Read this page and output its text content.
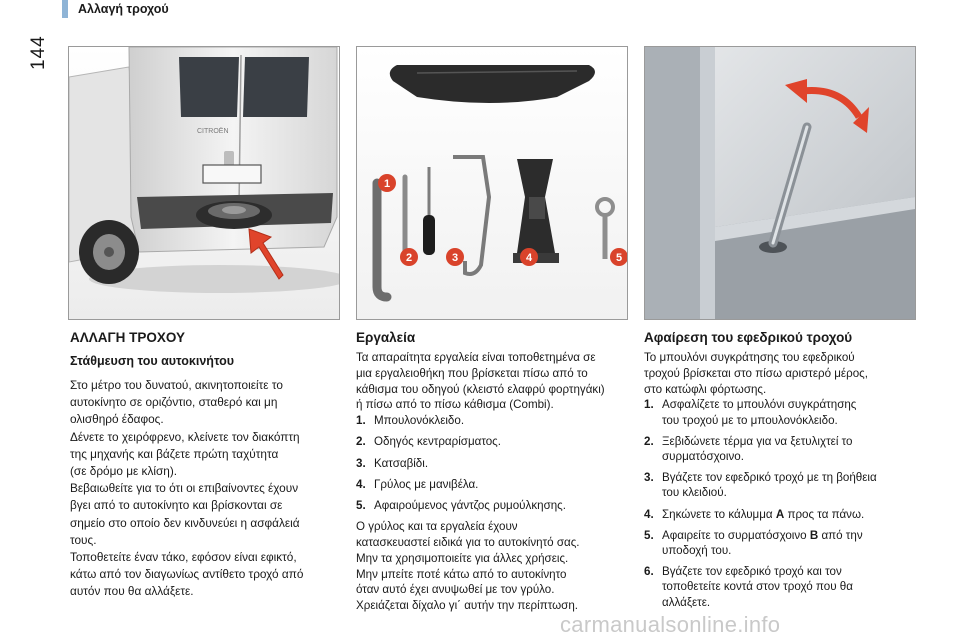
Αλλαγή τροχού
144
CITROËN
1
2	3	4	5
ΑΛΛΑΓΗ ΤΡΟΧΟΥ
Στάθμευση του αυτοκινήτου
Στο μέτρο του δυνατού, ακινητοποιείτε το
αυτοκίνητο σε οριζόντιο, σταθερό και μη
ολισθηρό έδαφος.
Δένετε το χειρόφρενο, κλείνετε τον διακόπτη
της μηχανής και βάζετε πρώτη ταχύτητα
(σε δρόμο με κλίση).
Βεβαιωθείτε για το ότι οι επιβαίνοντες έχουν
βγει από το αυτοκίνητο και βρίσκονται σε
σημείο στο οποίο δεν κινδυνεύει η ασφάλειά
τους.
Τοποθετείτε έναν τάκο, εφόσον είναι εφικτό,
κάτω από τον διαγωνίως αντίθετο τροχό από
αυτόν που θα αλλάξετε.
Εργαλεία
Τα απαραίτητα εργαλεία είναι τοποθετημένα σε
μια εργαλειοθήκη που βρίσκεται πίσω από το
κάθισμα του οδηγού (κλειστό ελαφρύ φορτηγάκι)
ή πίσω από το πίσω κάθισμα (Combi).
1. Μπουλονόκλειδο.
2. Οδηγός κεντραρίσματος.
3. Κατσαβίδι.
4. Γρύλος με μανιβέλα.
5. Αφαιρούμενος γάντζος ρυμούλκησης.
Ο γρύλος και τα εργαλεία έχουν
κατασκευαστεί ειδικά για το αυτοκίνητό σας.
Μην τα χρησιμοποιείτε για άλλες χρήσεις.
Μην μπείτε ποτέ κάτω από το αυτοκίνητο
όταν αυτό έχει ανυψωθεί με τον γρύλο.
Χρειάζεται δίχαλο γι΄ αυτήν την περίπτωση.
Αφαίρεση του εφεδρικού τροχού
Το μπουλόνι συγκράτησης του εφεδρικού
τροχού βρίσκεται στο πίσω αριστερό μέρος,
στο κατώφλι φόρτωσης.
1. Ασφαλίζετε το μπουλόνι συγκράτησης
του τροχού με το μπουλονόκλειδο.
2. Ξεβιδώνετε τέρμα για να ξετυλιχτεί το
συρματόσχοινο.
3. Βγάζετε τον εφεδρικό τροχό με τη βοήθεια
του κλειδιού.
4. Σηκώνετε το κάλυμμα A προς τα πάνω.
5. Αφαιρείτε το συρματόσχοινο B από την
υποδοχή του.
6. Βγάζετε τον εφεδρικό τροχό και τον
τοποθετείτε κοντά στον τροχό που θα
αλλάξετε.
carmanualsonline.info
